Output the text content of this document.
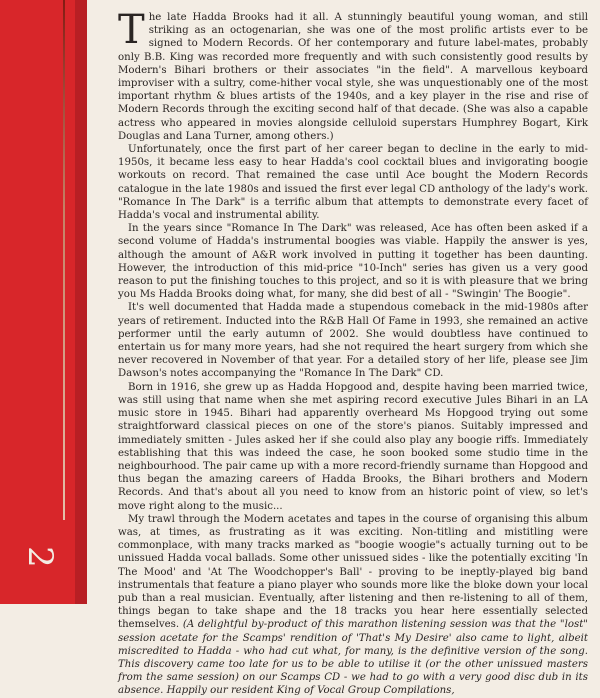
2

The late Hadda Brooks had it all. A stunningly beautiful young woman, and still striking as an octogenarian, she was one of the most prolific artists ever to be signed to Modern Records. Of her contemporary and future label-mates, probably only B.B. King was recorded more frequently and with such consistently good results by Modern's Bihari brothers or their associates "in the field". A marvellous keyboard improviser with a sultry, come-hither vocal style, she was unquestionably one of the most important rhythm & blues artists of the 1940s, and a key player in the rise and rise of Modern Records through the exciting second half of that decade. (She was also a capable actress who appeared in movies alongside celluloid superstars Humphrey Bogart, Kirk Douglas and Lana Turner, among others.)

Unfortunately, once the first part of her career began to decline in the early to mid-1950s, it became less easy to hear Hadda's cool cocktail blues and invigorating boogie workouts on record. That remained the case until Ace bought the Modern Records catalogue in the late 1980s and issued the first ever legal CD anthology of the lady's work. "Romance In The Dark" is a terrific album that attempts to demonstrate every facet of Hadda's vocal and instrumental ability.

In the years since "Romance In The Dark" was released, Ace has often been asked if a second volume of Hadda's instrumental boogies was viable. Happily the answer is yes, although the amount of A&R work involved in putting it together has been daunting. However, the introduction of this mid-price "10-Inch" series has given us a very good reason to put the finishing touches to this project, and so it is with pleasure that we bring you Ms Hadda Brooks doing what, for many, she did best of all - "Swingin' The Boogie".

It's well documented that Hadda made a stupendous comeback in the mid-1980s after years of retirement. Inducted into the R&B Hall Of Fame in 1993, she remained an active performer until the early autumn of 2002. She would doubtless have continued to entertain us for many more years, had she not required the heart surgery from which she never recovered in November of that year. For a detailed story of her life, please see Jim Dawson's notes accompanying the "Romance In The Dark" CD.

Born in 1916, she grew up as Hadda Hopgood and, despite having been married twice, was still using that name when she met aspiring record executive Jules Bihari in an LA music store in 1945. Bihari had apparently overheard Ms Hopgood trying out some straightforward classical pieces on one of the store's pianos. Suitably impressed and immediately smitten - Jules asked her if she could also play any boogie riffs. Immediately establishing that this was indeed the case, he soon booked some studio time in the neighbourhood. The pair came up with a more record-friendly surname than Hopgood and thus began the amazing careers of Hadda Brooks, the Bihari brothers and Modern Records. And that's about all you need to know from an historic point of view, so let's move right along to the music...

My trawl through the Modern acetates and tapes in the course of organising this album was, at times, as frustrating as it was exciting. Non-titling and mistitling were commonplace, with many tracks marked as "boogie woogie"s actually turning out to be unissued Hadda vocal ballads. Some other unissued sides - like the potentially exciting 'In The Mood' and 'At The Woodchopper's Ball' - proving to be ineptly-played big band instrumentals that feature a piano player who sounds more like the bloke down your local pub than a real musician. Eventually, after listening and then re-listening to all of them, things began to take shape and the 18 tracks you hear here essentially selected themselves. (A delightful by-product of this marathon listening session was that the "lost" session acetate for the Scamps' rendition of 'That's My Desire' also came to light, albeit miscredited to Hadda - who had cut what, for many, is the definitive version of the song. This discovery came too late for us to be able to utilise it (or the other unissued masters from the same session) on our Scamps CD - we had to go with a very good disc dub in its absence. Happily our resident King of Vocal Group Compilations,
